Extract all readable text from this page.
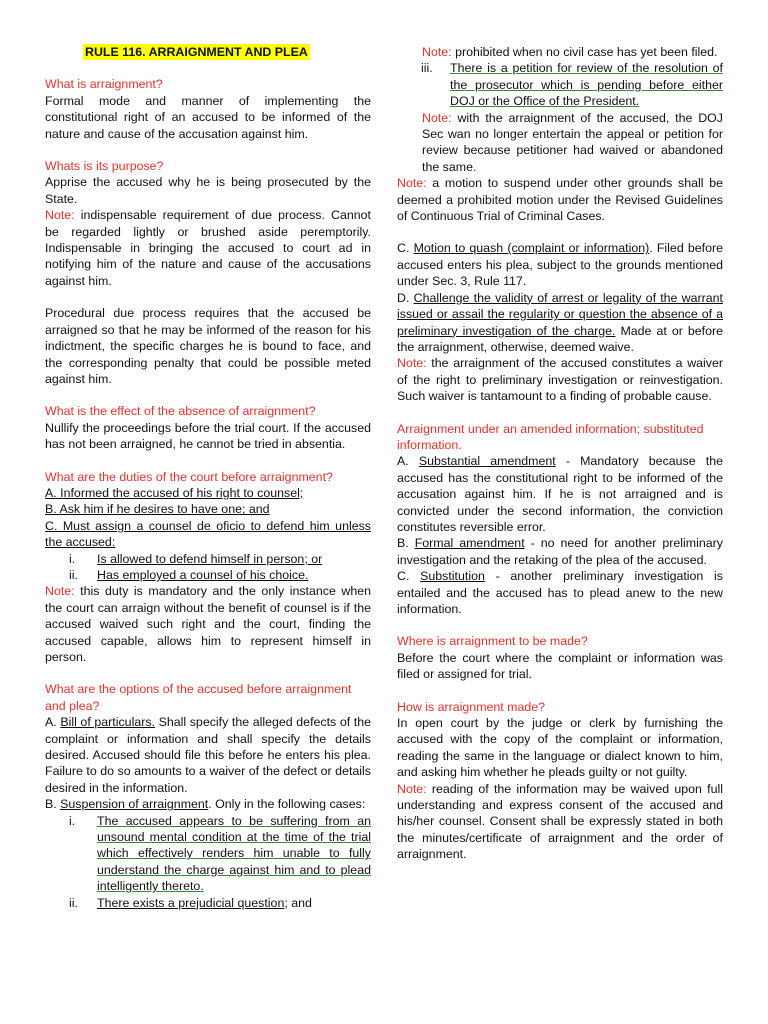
RULE 116. ARRAIGNMENT AND PLEA

What is arraignment?

Formal mode and manner of implementing the constitutional right of an accused to be informed of the nature and cause of the accusation against him.

Whats is its purpose?

Apprise the accused why he is being prosecuted by the State.

Note: indispensable requirement of due process. Cannot be regarded lightly or brushed aside peremptorily. Indispensable in bringing the accused to court ad in notifying him of the nature and cause of the accusations against him.

Procedural due process requires that the accused be arraigned so that he may be informed of the reason for his indictment, the specific charges he is bound to face, and the corresponding penalty that could be possible meted against him.

What is the effect of the absence of arraignment?

Nullify the proceedings before the trial court. If the accused has not been arraigned, he cannot be tried in absentia.

What are the duties of the court before arraignment?

A. Informed the accused of his right to counsel;

B. Ask him if he desires to have one; and

C. Must assign a counsel de oficio to defend him unless the accused:

i. Is allowed to defend himself in person; or
ii. Has employed a counsel of his choice.

Note: this duty is mandatory and the only instance when the court can arraign without the benefit of counsel is if the accused waived such right and the court, finding the accused capable, allows him to represent himself in person.

What are the options of the accused before arraignment and plea?

A. Bill of particulars. Shall specify the alleged defects of the complaint or information and shall specify the details desired. Accused should file this before he enters his plea. Failure to do so amounts to a waiver of the defect or details desired in the information.

B. Suspension of arraignment. Only in the following cases:

i. The accused appears to be suffering from an unsound mental condition at the time of the trial which effectively renders him unable to fully understand the charge against him and to plead intelligently thereto.
ii. There exists a prejudicial question; and

Note: prohibited when no civil case has yet been filed.

iii. There is a petition for review of the resolution of the prosecutor which is pending before either DOJ or the Office of the President.

Note: with the arraignment of the accused, the DOJ Sec wan no longer entertain the appeal or petition for review because petitioner had waived or abandoned the same.

Note: a motion to suspend under other grounds shall be deemed a prohibited motion under the Revised Guidelines of Continuous Trial of Criminal Cases.

C. Motion to quash (complaint or information). Filed before accused enters his plea, subject to the grounds mentioned under Sec. 3, Rule 117.

D. Challenge the validity of arrest or legality of the warrant issued or assail the regularity or question the absence of a preliminary investigation of the charge. Made at or before the arraignment, otherwise, deemed waive.

Note: the arraignment of the accused constitutes a waiver of the right to preliminary investigation or reinvestigation. Such waiver is tantamount to a finding of probable cause.

Arraignment under an amended information; substituted information.

A. Substantial amendment - Mandatory because the accused has the constitutional right to be informed of the accusation against him. If he is not arraigned and is convicted under the second information, the conviction constitutes reversible error.

B. Formal amendment - no need for another preliminary investigation and the retaking of the plea of the accused.

C. Substitution - another preliminary investigation is entailed and the accused has to plead anew to the new information.

Where is arraignment to be made?

Before the court where the complaint or information was filed or assigned for trial.

How is arraignment made?

In open court by the judge or clerk by furnishing the accused with the copy of the complaint or information, reading the same in the language or dialect known to him, and asking him whether he pleads guilty or not guilty.

Note: reading of the information may be waived upon full understanding and express consent of the accused and his/her counsel. Consent shall be expressly stated in both the minutes/certificate of arraignment and the order of arraignment.
